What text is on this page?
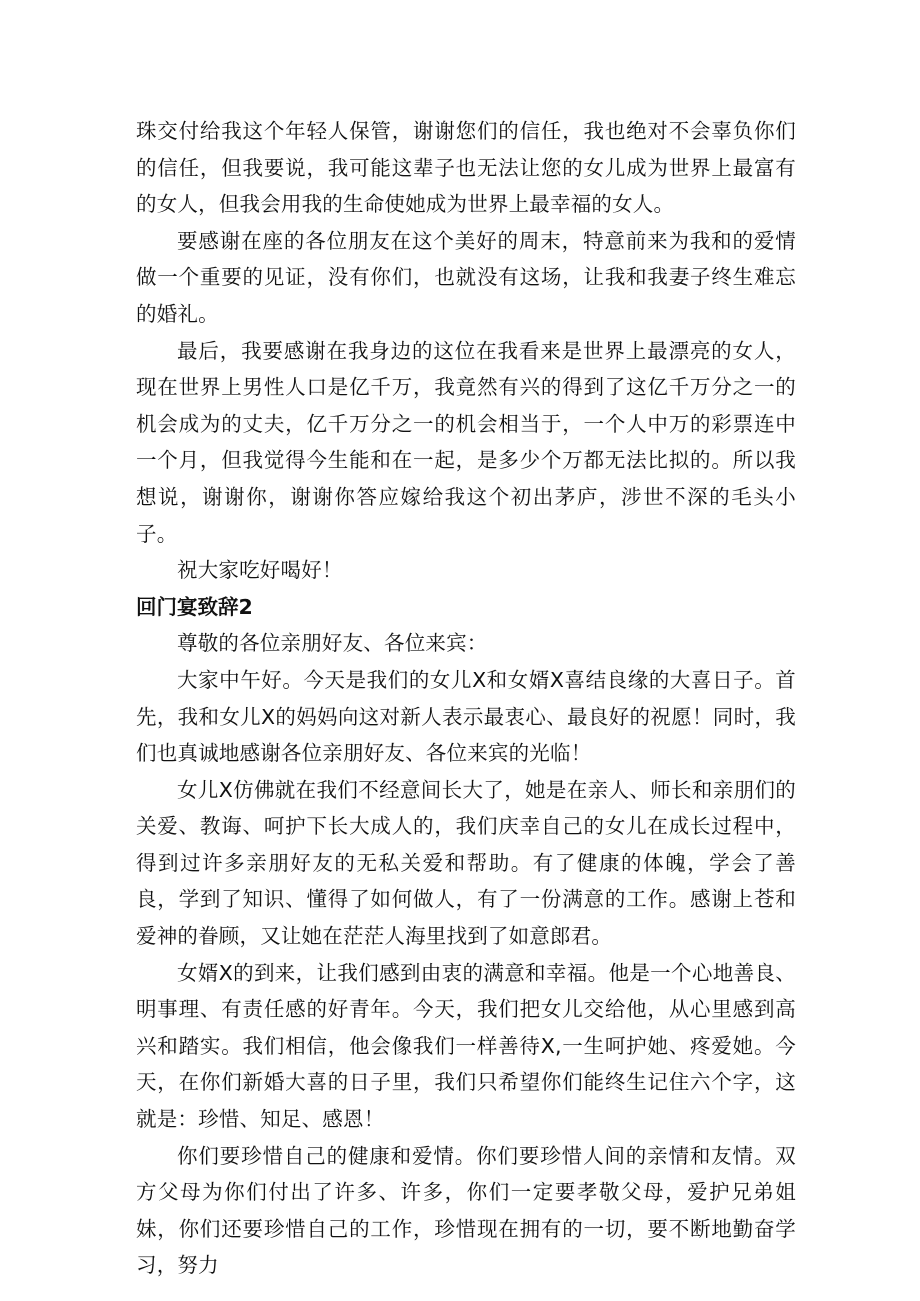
珠交付给我这个年轻人保管，谢谢您们的信任，我也绝对不会辜负你们的信任，但我要说，我可能这辈子也无法让您的女儿成为世界上最富有的女人，但我会用我的生命使她成为世界上最幸福的女人。

要感谢在座的各位朋友在这个美好的周末，特意前来为我和的爱情做一个重要的见证，没有你们，也就没有这场，让我和我妻子终生难忘的婚礼。

最后，我要感谢在我身边的这位在我看来是世界上最漂亮的女人，现在世界上男性人口是亿千万，我竟然有兴的得到了这亿千万分之一的机会成为的丈夫，亿千万分之一的机会相当于，一个人中万的彩票连中一个月，但我觉得今生能和在一起，是多少个万都无法比拟的。所以我想说，谢谢你，谢谢你答应嫁给我这个初出茅庐，涉世不深的毛头小子。

祝大家吃好喝好！

回门宴致辞2

尊敬的各位亲朋好友、各位来宾：

大家中午好。今天是我们的女儿X和女婿X喜结良缘的大喜日子。首先，我和女儿X的妈妈向这对新人表示最衷心、最良好的祝愿！同时，我们也真诚地感谢各位亲朋好友、各位来宾的光临！

女儿X仿佛就在我们不经意间长大了，她是在亲人、师长和亲朋们的关爱、教诲、呵护下长大成人的，我们庆幸自己的女儿在成长过程中，得到过许多亲朋好友的无私关爱和帮助。有了健康的体魄，学会了善良，学到了知识、懂得了如何做人，有了一份满意的工作。感谢上苍和爱神的眷顾，又让她在茫茫人海里找到了如意郎君。

女婿X的到来，让我们感到由衷的满意和幸福。他是一个心地善良、明事理、有责任感的好青年。今天，我们把女儿交给他，从心里感到高兴和踏实。我们相信，他会像我们一样善待X,一生呵护她、疼爱她。今天，在你们新婚大喜的日子里，我们只希望你们能终生记住六个字，这就是：珍惜、知足、感恩！

你们要珍惜自己的健康和爱情。你们要珍惜人间的亲情和友情。双方父母为你们付出了许多、许多，你们一定要孝敬父母，爱护兄弟姐妹，你们还要珍惜自己的工作，珍惜现在拥有的一切，要不断地勤奋学习，努力
